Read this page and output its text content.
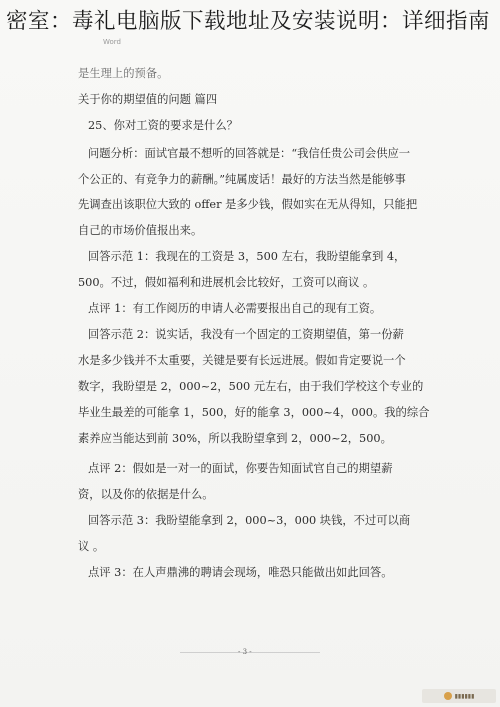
密室：毒礼电脑版下载地址及安装说明：详细指南
Word
是生理上的预备。
关于你的期望值的问题 篇四
25、你对工资的要求是什么？
问题分析：面试官最不想听的回答就是：“我信任贵公司会供应一
个公正的、有竞争力的薪酬。”纯属废话！最好的方法当然是能够事
先调查出该职位大致的 offer 是多少钱，假如实在无从得知，只能把
自己的市场价值报出来。
回答示范 1：我现在的工资是 3，500 左右，我盼望能拿到 4，
500。不过，假如福利和进展机会比较好，工资可以商议 。
点评 1：有工作阅历的申请人必需要报出自己的现有工资。
回答示范 2：说实话，我没有一个固定的工资期望值，第一份薪
水是多少钱并不太重要，关键是要有长远进展。假如肯定要说一个
数字，我盼望是 2，000~2，500 元左右，由于我们学校这个专业的
毕业生最差的可能拿 1，500，好的能拿 3，000~4，000。我的综合
素养应当能达到前 30%，所以我盼望拿到 2，000~2，500。
点评 2：假如是一对一的面试，你要告知面试官自己的期望薪
资，以及你的依据是什么。
回答示范 3：我盼望能拿到 2，000~3，000 块钱，不过可以商
议 。
点评 3：在人声鼎沸的聘请会现场，唯恐只能做出如此回答。
- 3 -
▮▮▮▮▮▮
